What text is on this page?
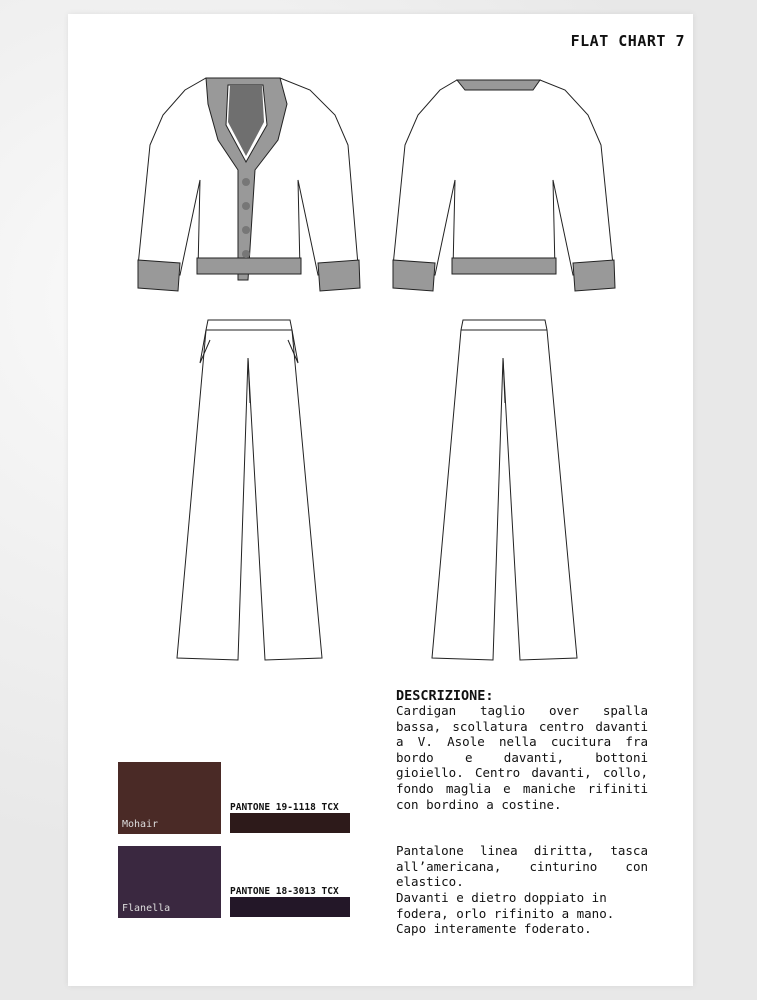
FLAT CHART 7
DESCRIZIONE:
Cardigan taglio over spalla bassa, scollatura centro davanti a V. Asole nella cucitura fra bordo e davanti, bottoni gioiello. Centro davanti, collo, fondo maglia e maniche rifiniti con bordino a costine.
Pantalone linea diritta, tasca all’americana, cinturino con elastico.
Davanti e dietro doppiato in
fodera, orlo rifinito a mano.
Capo interamente foderato.
Mohair
PANTONE 19-1118 TCX
Flanella
PANTONE 18-3013 TCX
